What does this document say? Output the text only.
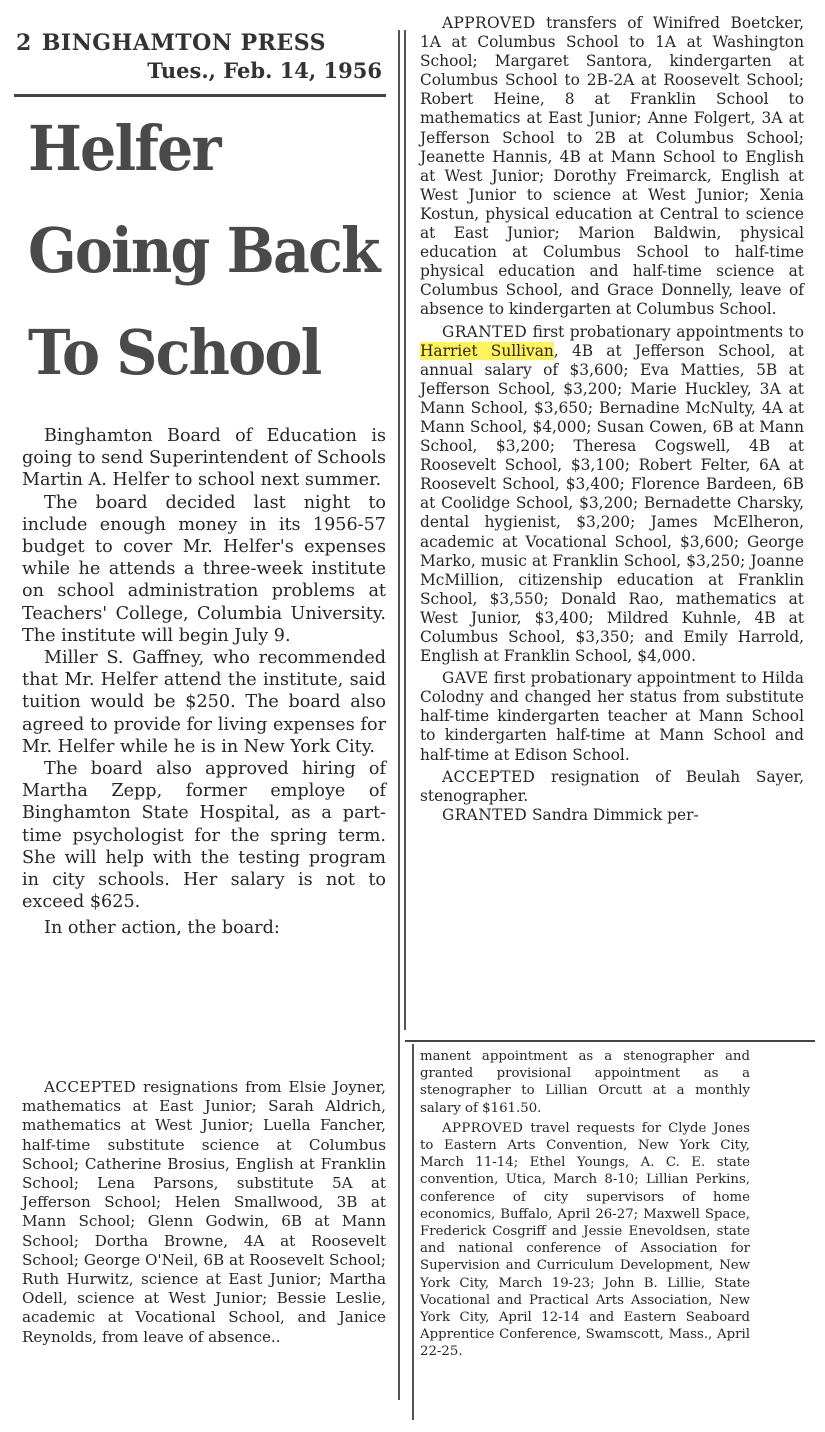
2 BINGHAMTON PRESS
Tues., Feb. 14, 1956
Helfer
Going Back
To School

Binghamton Board of Education is going to send Superintendent of Schools Martin A. Helfer to school next summer.

The board decided last night to include enough money in its 1956-57 budget to cover Mr. Helfer's expenses while he attends a three-week institute on school administration problems at Teachers' College, Columbia University. The institute will begin July 9.

Miller S. Gaffney, who recommended that Mr. Helfer attend the institute, said tuition would be $250. The board also agreed to provide for living expenses for Mr. Helfer while he is in New York City.

The board also approved hiring of Martha Zepp, former employe of Binghamton State Hospital, as a part-time psychologist for the spring term. She will help with the testing program in city schools. Her salary is not to exceed $625.

In other action, the board:

ACCEPTED resignations from Elsie Joyner, mathematics at East Junior; Sarah Aldrich, mathematics at West Junior; Luella Fancher, half-time substitute science at Columbus School; Catherine Brosius, English at Franklin School; Lena Parsons, substitute 5A at Jefferson School; Helen Smallwood, 3B at Mann School; Glenn Godwin, 6B at Mann School; Dortha Browne, 4A at Roosevelt School; George O'Neil, 6B at Roosevelt School; Ruth Hurwitz, science at East Junior; Martha Odell, science at West Junior; Bessie Leslie, academic at Vocational School, and Janice Reynolds, from leave of absence..

APPROVED transfers of Winifred Boetcker, 1A at Columbus School to 1A at Washington School; Margaret Santora, kindergarten at Columbus School to 2B-2A at Roosevelt School; Robert Heine, 8 at Franklin School to mathematics at East Junior; Anne Folgert, 3A at Jefferson School to 2B at Columbus School; Jeanette Hannis, 4B at Mann School to English at West Junior; Dorothy Freimarck, English at West Junior to science at West Junior; Xenia Kostun, physical education at Central to science at East Junior; Marion Baldwin, physical education at Columbus School to half-time physical education and half-time science at Columbus School, and Grace Donnelly, leave of absence to kindergarten at Columbus School.

GRANTED first probationary appointments to Harriet Sullivan, 4B at Jefferson School, at annual salary of $3,600; Eva Matties, 5B at Jefferson School, $3,200; Marie Huckley, 3A at Mann School, $3,650; Bernadine McNulty, 4A at Mann School, $4,000; Susan Cowen, 6B at Mann School, $3,200; Theresa Cogswell, 4B at Roosevelt School, $3,100; Robert Felter, 6A at Roosevelt School, $3,400; Florence Bardeen, 6B at Coolidge School, $3,200; Bernadette Charsky, dental hygienist, $3,200; James McElheron, academic at Vocational School, $3,600; George Marko, music at Franklin School, $3,250; Joanne McMillion, citizenship education at Franklin School, $3,550; Donald Rao, mathematics at West Junior, $3,400; Mildred Kuhnle, 4B at Columbus School, $3,350; and Emily Harrold, English at Franklin School, $4,000.

GAVE first probationary appointment to Hilda Colodny and changed her status from substitute half-time kindergarten teacher at Mann School to kindergarten half-time at Mann School and half-time at Edison School.

ACCEPTED resignation of Beulah Sayer, stenographer.

GRANTED Sandra Dimmick per-

manent appointment as a stenographer and granted provisional appointment as a stenographer to Lillian Orcutt at a monthly salary of $161.50.

APPROVED travel requests for Clyde Jones to Eastern Arts Convention, New York City, March 11-14; Ethel Youngs, A. C. E. state convention, Utica, March 8-10; Lillian Perkins, conference of city supervisors of home economics, Buffalo, April 26-27; Maxwell Space, Frederick Cosgriff and Jessie Enevoldsen, state and national conference of Association for Supervision and Curriculum Development, New York City, March 19-23; John B. Lillie, State Vocational and Practical Arts Association, New York City, April 12-14 and Eastern Seaboard Apprentice Conference, Swamscott, Mass., April 22-25.
